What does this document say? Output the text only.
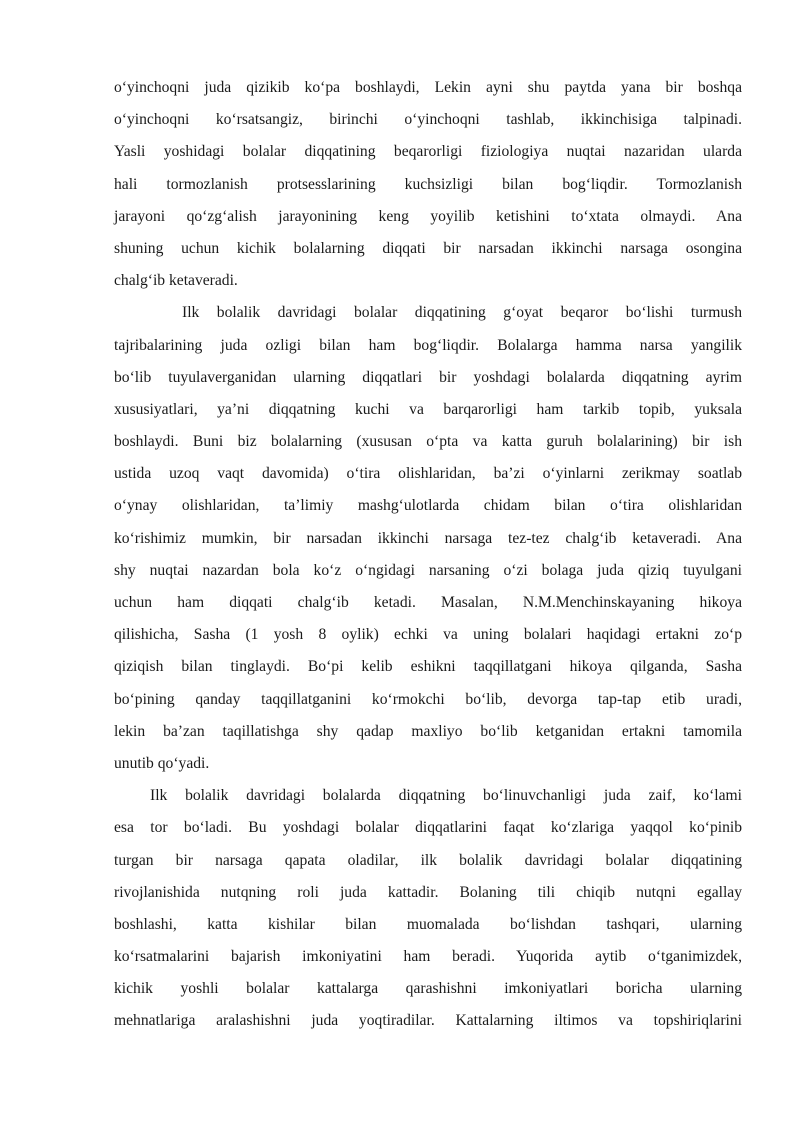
o‘yinchoqni juda qizikib ko‘pa boshlaydi, Lekin ayni shu paytda yana bir boshqa
o‘yinchoqni ko‘rsatsangiz, birinchi o‘yinchoqni tashlab, ikkinchisiga talpinadi.
Yasli yoshidagi bolalar diqqatining beqarorligi fiziologiya nuqtai nazaridan ularda
hali tormozlanish protsesslarining kuchsizligi bilan bog‘liqdir. Tormozlanish
jarayoni qo‘zg‘alish jarayonining keng yoyilib ketishini to‘xtata olmaydi. Ana
shuning uchun kichik bolalarning diqqati bir narsadan ikkinchi narsaga osongina
chalg‘ib ketaveradi.
Ilk bolalik davridagi bolalar diqqatining g‘oyat beqaror bo‘lishi turmush
tajribalarining juda ozligi bilan ham bog‘liqdir. Bolalarga hamma narsa yangilik
bo‘lib tuyulaverganidan ularning diqqatlari bir yoshdagi bolalarda diqqatning ayrim
xususiyatlari, ya’ni diqqatning kuchi va barqarorligi ham tarkib topib, yuksala
boshlaydi. Buni biz bolalarning (xususan o‘pta va katta guruh bolalarining) bir ish
ustida uzoq vaqt davomida) o‘tira olishlaridan, ba’zi o‘yinlarni zerikmay soatlab
o‘ynay olishlaridan, ta’limiy mashg‘ulotlarda chidam bilan o‘tira olishlaridan
ko‘rishimiz mumkin, bir narsadan ikkinchi narsaga tez-tez chalg‘ib ketaveradi. Ana
shy nuqtai nazardan bola ko‘z o‘ngidagi narsaning o‘zi bolaga juda qiziq tuyulgani
uchun ham diqqati chalg‘ib ketadi. Masalan, N.M.Menchinskayaning hikoya
qilishicha, Sasha (1 yosh 8 oylik) echki va uning bolalari haqidagi ertakni zo‘p
qiziqish bilan tinglaydi. Bo‘pi kelib eshikni taqqillatgani hikoya qilganda, Sasha
bo‘pining qanday taqqillatganini ko‘rmokchi bo‘lib, devorga tap-tap etib uradi,
lekin ba’zan taqillatishga shy qadap maxliyo bo‘lib ketganidan ertakni tamomila
unutib qo‘yadi.
Ilk bolalik davridagi bolalarda diqqatning bo‘linuvchanligi juda zaif, ko‘lami
esa tor bo‘ladi. Bu yoshdagi bolalar diqqatlarini faqat ko‘zlariga yaqqol ko‘pinib
turgan bir narsaga qapata oladilar, ilk bolalik davridagi bolalar diqqatining
rivojlanishida nutqning roli juda kattadir. Bolaning tili chiqib nutqni egallay
boshlashi, katta kishilar bilan muomalada bo‘lishdan tashqari, ularning
ko‘rsatmalarini bajarish imkoniyatini ham beradi. Yuqorida aytib o‘tganimizdek,
kichik yoshli bolalar kattalarga qarashishni imkoniyatlari boricha ularning
mehnatlariga aralashishni juda yoqtiradilar. Kattalarning iltimos va topshiriqlarini
